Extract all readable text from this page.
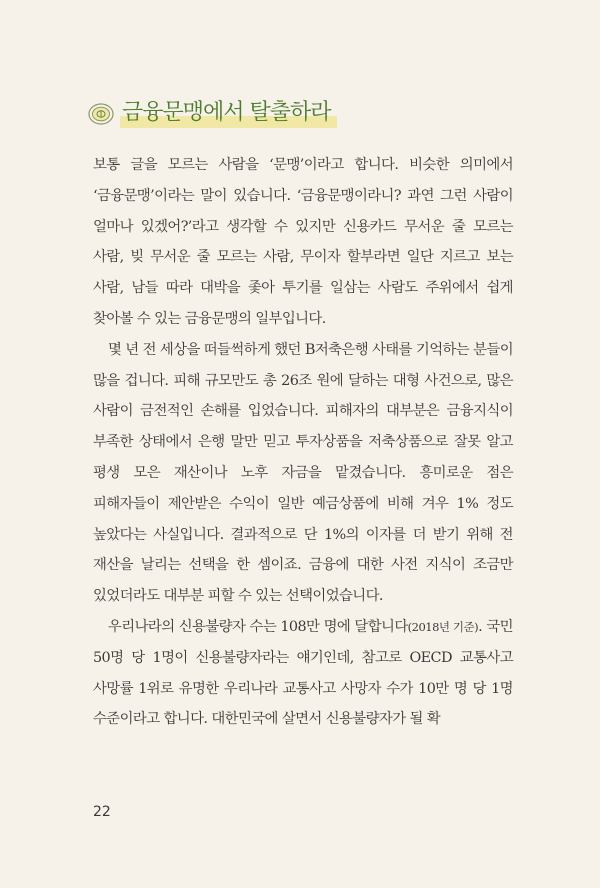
금융문맹에서 탈출하라

보통 글을 모르는 사람을 ‘문맹’이라고 합니다. 비슷한 의미에서 ‘금융문맹’이라는 말이 있습니다. ‘금융문맹이라니? 과연 그런 사람이 얼마나 있겠어?’라고 생각할 수 있지만 신용카드 무서운 줄 모르는 사람, 빚 무서운 줄 모르는 사람, 무이자 할부라면 일단 지르고 보는 사람, 남들 따라 대박을 좇아 투기를 일삼는 사람도 주위에서 쉽게 찾아볼 수 있는 금융문맹의 일부입니다.

몇 년 전 세상을 떠들썩하게 했던 B저축은행 사태를 기억하는 분들이 많을 겁니다. 피해 규모만도 총 26조 원에 달하는 대형 사건으로, 많은 사람이 금전적인 손해를 입었습니다. 피해자의 대부분은 금융지식이 부족한 상태에서 은행 말만 믿고 투자상품을 저축상품으로 잘못 알고 평생 모은 재산이나 노후 자금을 맡겼습니다. 흥미로운 점은 피해자들이 제안받은 수익이 일반 예금상품에 비해 겨우 1% 정도 높았다는 사실입니다. 결과적으로 단 1%의 이자를 더 받기 위해 전 재산을 날리는 선택을 한 셈이죠. 금융에 대한 사전 지식이 조금만 있었더라도 대부분 피할 수 있는 선택이었습니다.

우리나라의 신용불량자 수는 108만 명에 달합니다(2018년 기준). 국민 50명 당 1명이 신용불량자라는 얘기인데, 참고로 OECD 교통사고 사망률 1위로 유명한 우리나라 교통사고 사망자 수가 10만 명 당 1명 수준이라고 합니다. 대한민국에 살면서 신용불량자가 될 확

22
